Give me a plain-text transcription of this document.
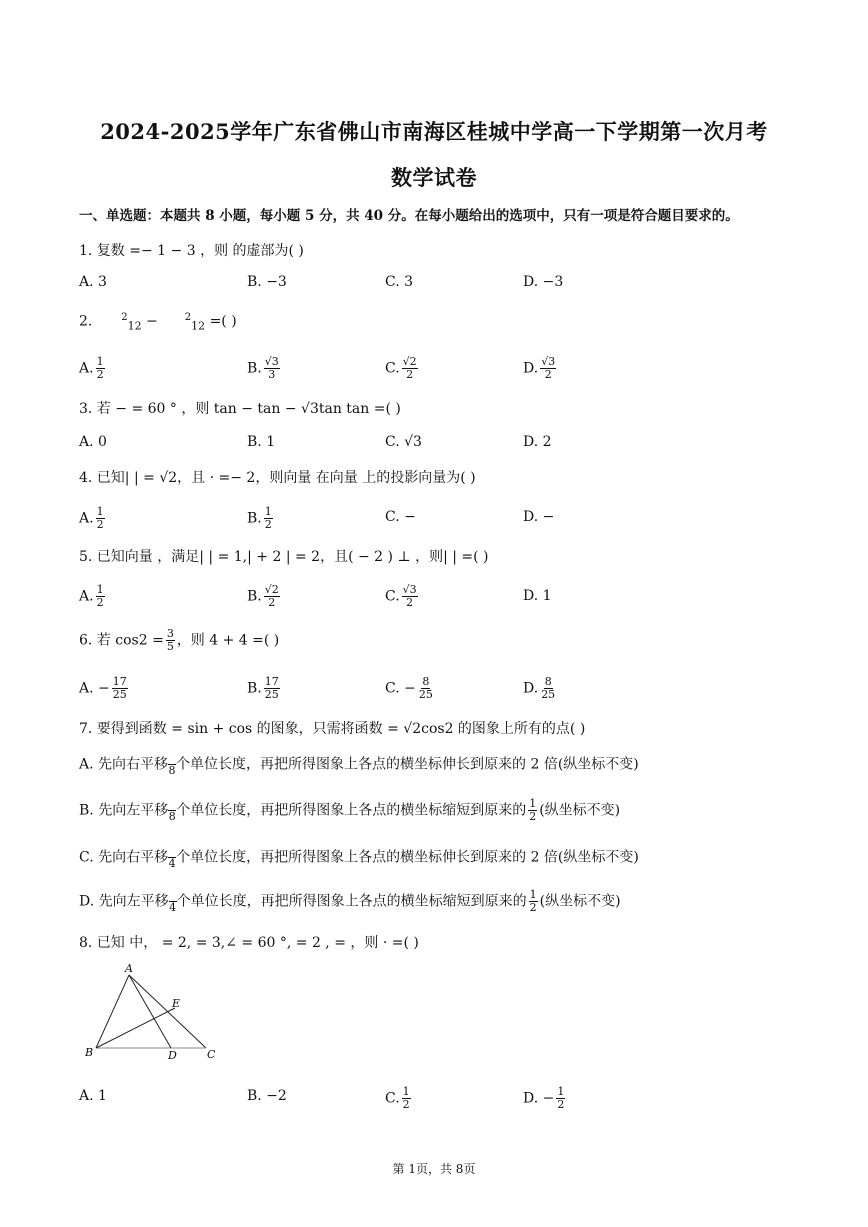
2024-2025学年广东省佛山市南海区桂城中学高一下学期第一次月考
数学试卷
一、单选题：本题共 8 小题，每小题 5 分，共 40 分。在每小题给出的选项中，只有一项是符合题目要求的。
1. 复数 =− 1 − 3 ，则 的虚部为( )
A. 3	B. −3	C. 3	D. −3
2.	$^2_{12}$ −	$^2_{12}$ =( )
A. $\frac{1}{2}$	B. $\frac{√3}{3}$	C. $\frac{√2}{2}$	D. $\frac{√3}{2}$
3. 若 − = 60 ° ，则 tan − tan − √3tan tan =( )
A. 0	B. 1	C. √3	D. 2
4. 已知| | = √2，且 · =− 2，则向量 在向量 上的投影向量为( )
A. $\frac{1}{2}$	B. $\frac{1}{2}$	C. −	D. −
5. 已知向量 ，满足| | = 1,| + 2 | = 2，且( − 2 ) ⊥ ，则| | =( )
A. $\frac{1}{2}$	B. $\frac{√2}{2}$	C. $\frac{√3}{2}$	D. 1
6. 若 $\cos 2 = \frac{3}{5}$ ，则 4 + 4 =( )
A. − $\frac{17}{25}$	B. $\frac{17}{25}$	C. − $\frac{8}{25}$	D. $\frac{8}{25}$
7. 要得到函数 = sin + cos 的图象，只需将函数 = √2cos2 的图象上所有的点( )
A. 先向右平移
8 个单位长度，再把所得图象上各点的横坐标伸长到原来的 2 倍(纵坐标不变)
B. 先向左平移
8 个单位长度，再把所得图象上各点的横坐标缩短到原来的 $\frac{1}{2}$ (纵坐标不变)
C. 先向右平移
4 个单位长度，再把所得图象上各点的横坐标伸长到原来的 2 倍(纵坐标不变)
D. 先向左平移
4 个单位长度，再把所得图象上各点的横坐标缩短到原来的 $\frac{1}{2}$ (纵坐标不变)
8. 已知 中， = 2, = 3,∠ = 60 °, = 2 , = ，则 · =( )
A
B	C
D
E
A. 1	B. −2	C. $\frac{1}{2}$	D. − $\frac{1}{2}$
第 1页，共 8页
